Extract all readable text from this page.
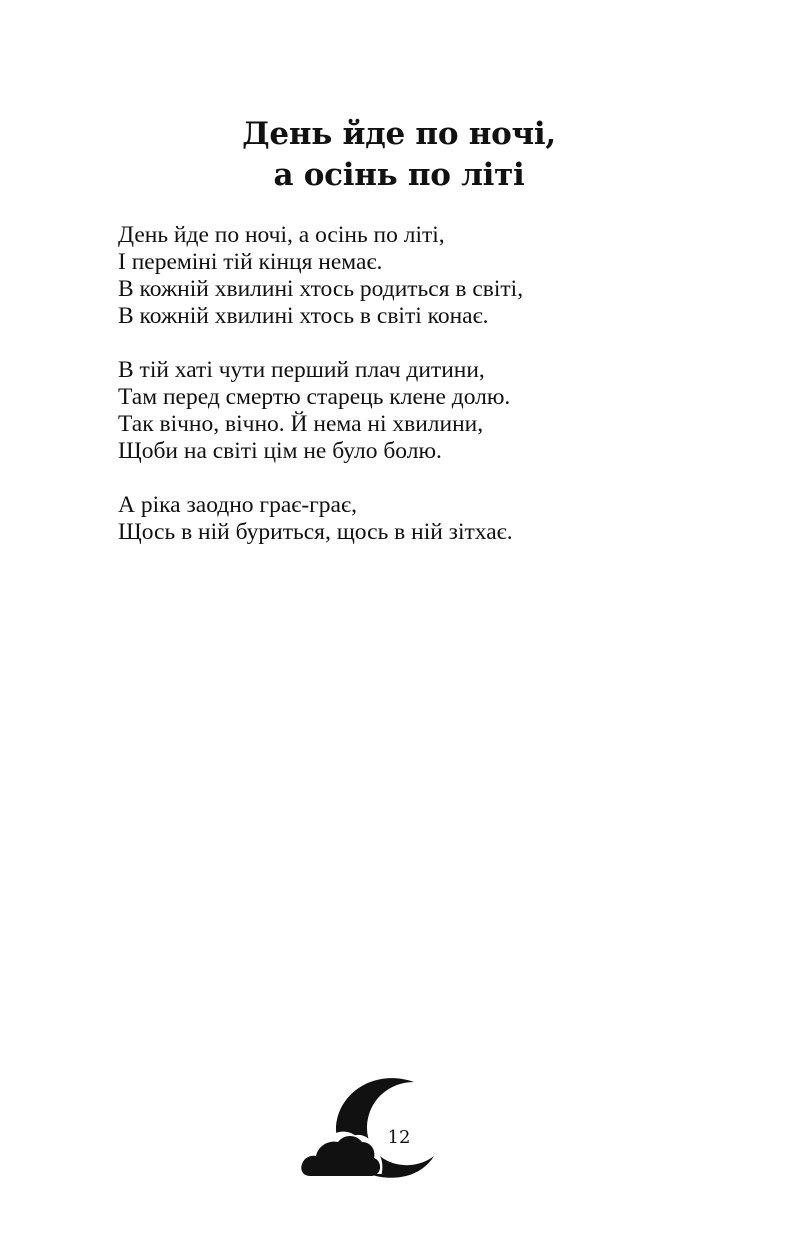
День йде по ночі,
а осінь по літі
День йде по ночі, а осінь по літі,
І переміні тій кінця немає.
В кожній хвилині хтось родиться в світі,
В кожній хвилині хтось в світі конає.
В тій хаті чути перший плач дитини,
Там перед смертю старець клене долю.
Так вічно, вічно. Й нема ні хвилини,
Щоби на світі цім не було болю.
А ріка заодно грає-грає,
Щось в ній буриться, щось в ній зітхає.
12
